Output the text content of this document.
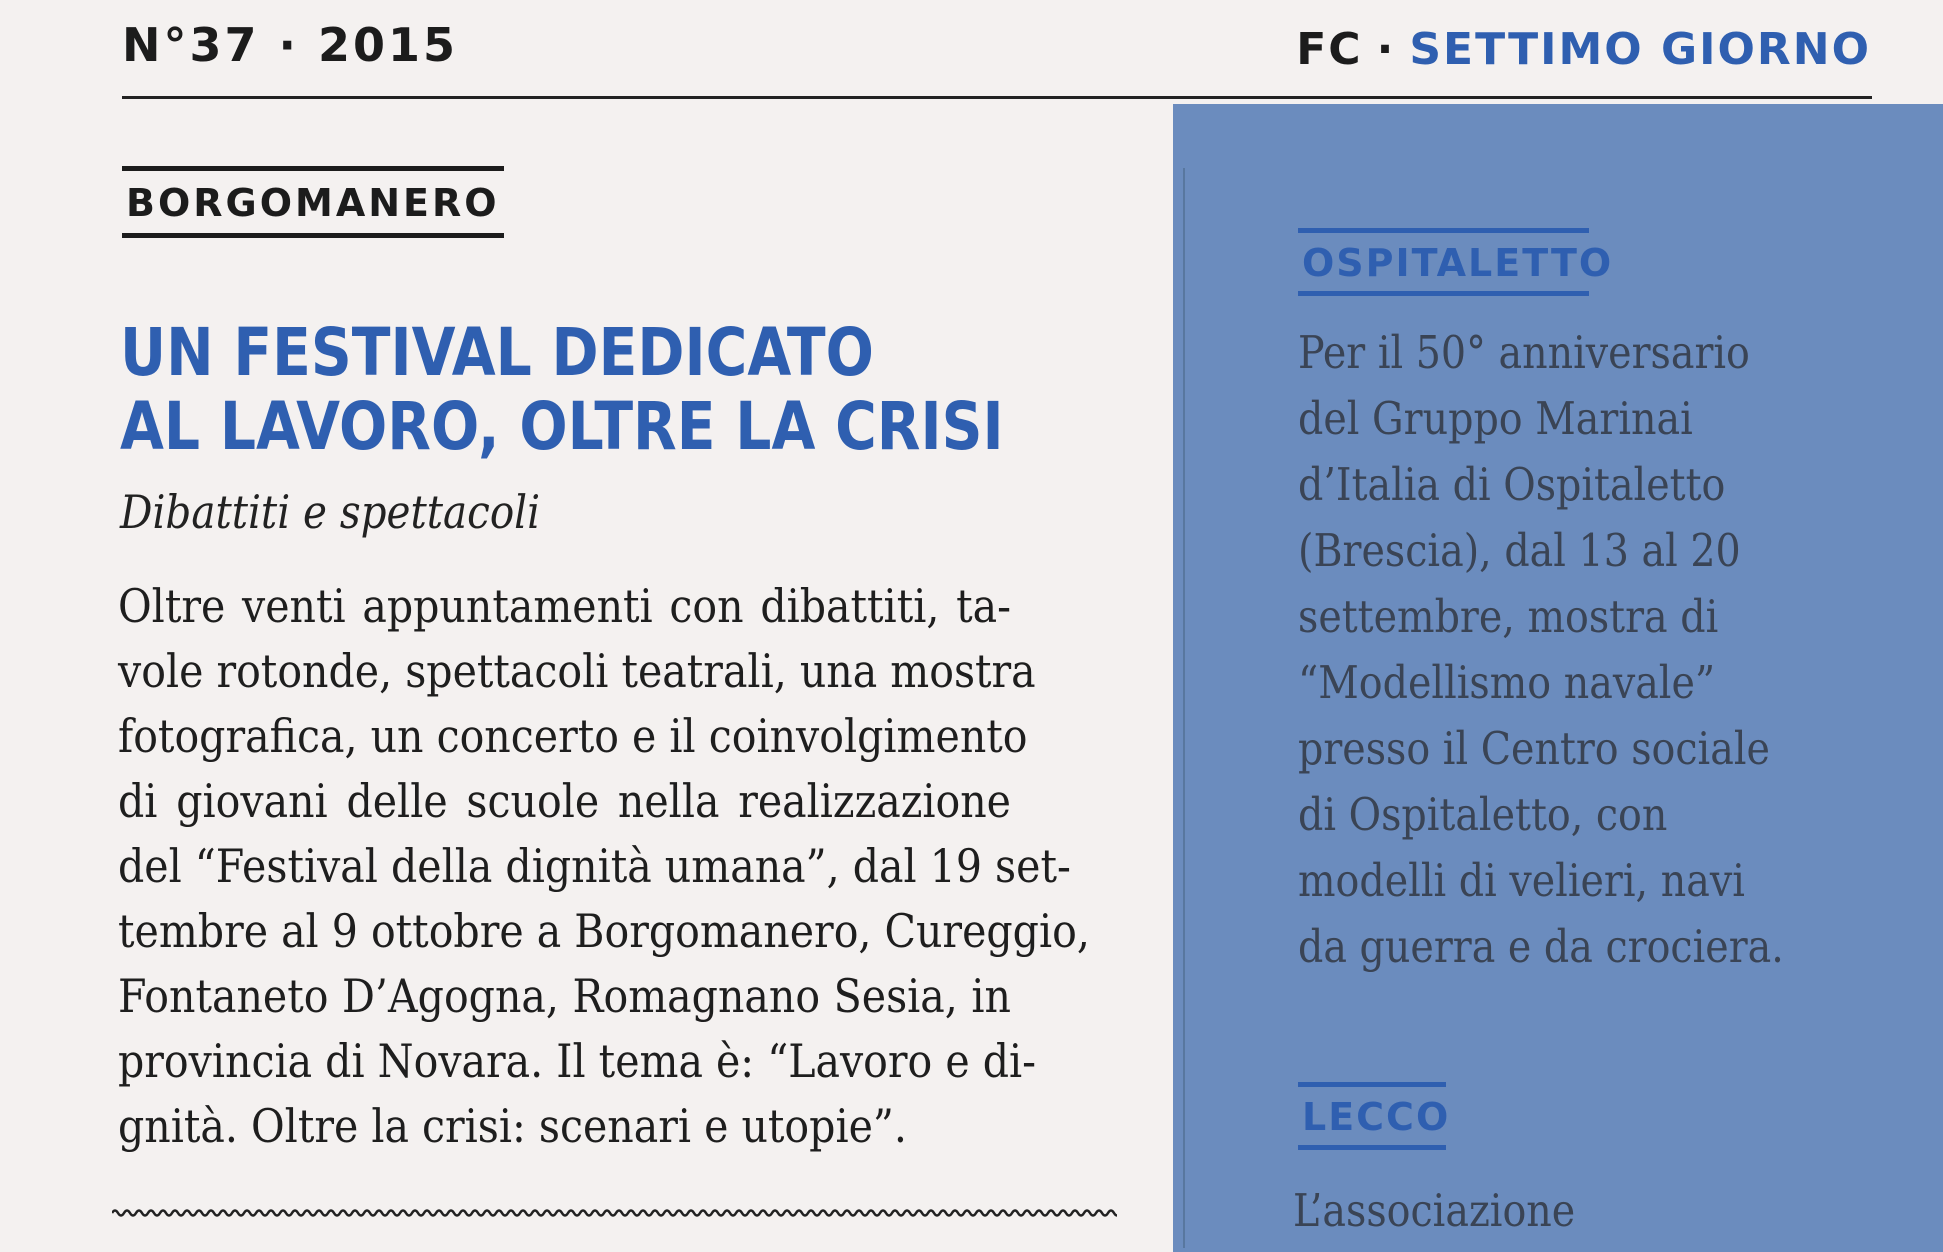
N°37 · 2015	FC · SETTIMO GIORNO
BORGOMANERO
UN FESTIVAL DEDICATO
AL LAVORO, OLTRE LA CRISI

Dibattiti e spettacoli

Oltre venti appuntamenti con dibattiti, ta-
vole rotonde, spettacoli teatrali, una mostra
fotografica, un concerto e il coinvolgimento
di giovani delle scuole nella realizzazione
del “Festival della dignità umana”, dal 19 set-
tembre al 9 ottobre a Borgomanero, Cureggio,
Fontaneto D’Agogna, Romagnano Sesia, in
provincia di Novara. Il tema è: “Lavoro e di-
gnità. Oltre la crisi: scenari e utopie”.
OSPITALETTO
Per il 50° anniversario
del Gruppo Marinai
d’Italia di Ospitaletto
(Brescia), dal 13 al 20
settembre, mostra di
“Modellismo navale”
presso il Centro sociale
di Ospitaletto, con
modelli di velieri, navi
da guerra e da crociera.
LECCO
L’associazione
